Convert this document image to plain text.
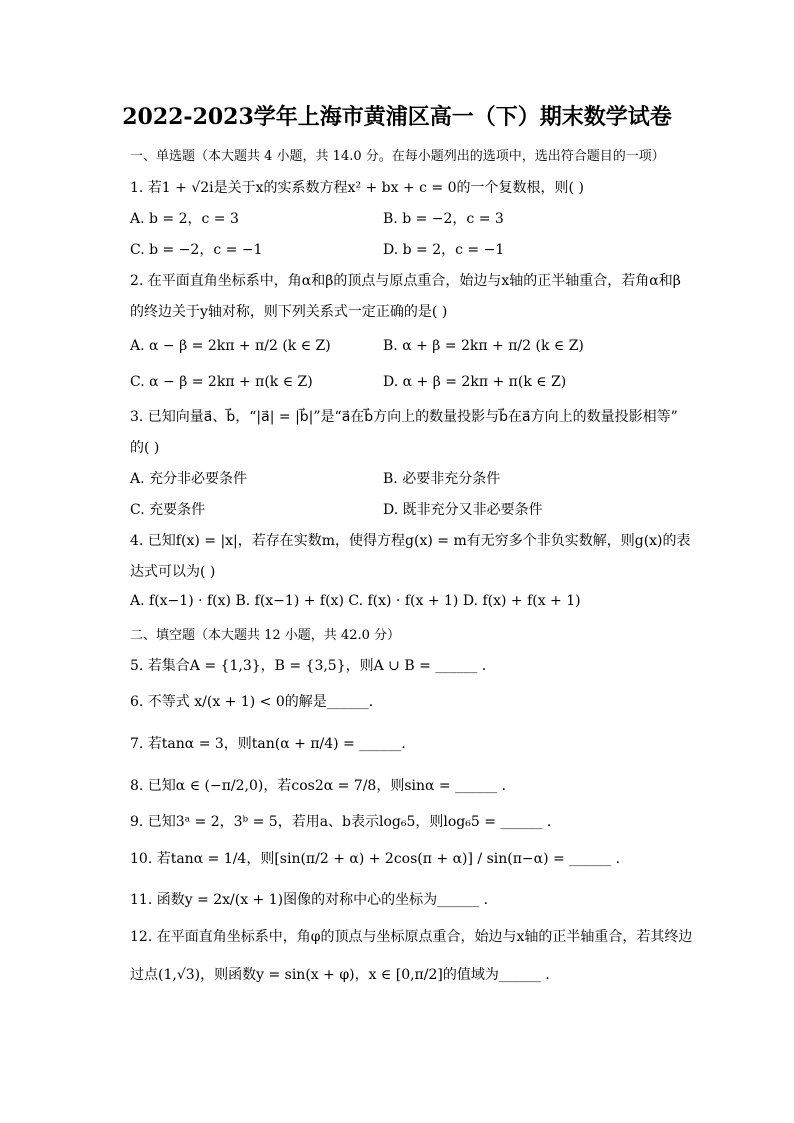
2022-2023学年上海市黄浦区高一（下）期末数学试卷
一、单选题（本大题共 4 小题，共 14.0 分。在每小题列出的选项中，选出符合题目的一项）
1. 若1 + √2i是关于x的实系数方程x² + bx + c = 0的一个复数根，则( )
A. b = 2，c = 3	B. b = −2，c = 3
C. b = −2，c = −1	D. b = 2，c = −1
2. 在平面直角坐标系中，角α和β的顶点与原点重合，始边与x轴的正半轴重合，若角α和β
的终边关于y轴对称，则下列关系式一定正确的是( )
A. α − β = 2kπ + π/2 (k ∈ Z)	B. α + β = 2kπ + π/2 (k ∈ Z)
C. α − β = 2kπ + π(k ∈ Z)	D. α + β = 2kπ + π(k ∈ Z)
3. 已知向量a⃗、b⃗，“|a⃗| = |b⃗|”是“a⃗在b⃗方向上的数量投影与b⃗在a⃗方向上的数量投影相等”
的( )
A. 充分非必要条件	B. 必要非充分条件
C. 充要条件	D. 既非充分又非必要条件
4. 已知f(x) = |x|，若存在实数m，使得方程g(x) = m有无穷多个非负实数解，则g(x)的表
达式可以为( )
A. f(x−1) · f(x) B. f(x−1) + f(x) C. f(x) · f(x + 1) D. f(x) + f(x + 1)
二、填空题（本大题共 12 小题，共 42.0 分）
5. 若集合A = {1,3}，B = {3,5}，则A ∪ B = ______ .
6. 不等式 x/(x + 1) < 0的解是______.
7. 若tanα = 3，则tan(α + π/4) = ______.
8. 已知α ∈ (−π/2,0)，若cos2α = 7/8，则sinα = ______ .
9. 已知3ᵃ = 2，3ᵇ = 5，若用a、b表示log₆5，则log₆5 = ______ .
10. 若tanα = 1/4，则[sin(π/2 + α) + 2cos(π + α)] / sin(π−α) = ______ .
11. 函数y = 2x/(x + 1)图像的对称中心的坐标为______ .
12. 在平面直角坐标系中，角φ的顶点与坐标原点重合，始边与x轴的正半轴重合，若其终边
过点(1,√3)，则函数y = sin(x + φ)，x ∈ [0,π/2]的值域为______ .
